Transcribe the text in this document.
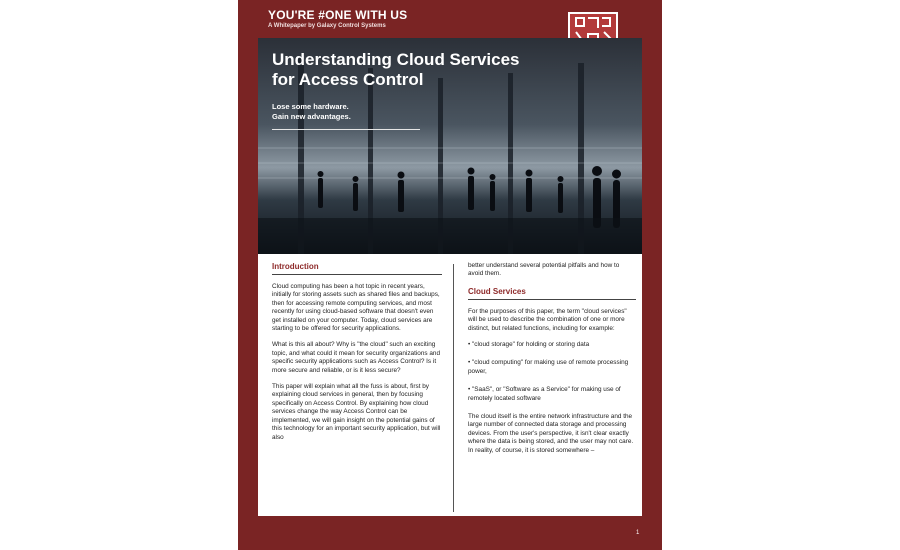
YOU'RE #ONE WITH US
A Whitepaper by Galaxy Control Systems
Understanding Cloud Services
for Access Control
Lose some hardware.
Gain new advantages.
Introduction

Cloud computing has been a hot topic in recent years, initially for storing assets such as shared files and backups, then for accessing remote computing services, and most recently for using cloud-based software that doesn't even get installed on your computer. Today, cloud services are starting to be offered for security applications.

What is this all about? Why is "the cloud" such an exciting topic, and what could it mean for security organizations and specific security applications such as Access Control? Is it more secure and reliable, or is it less secure?

This paper will explain what all the fuss is about, first by explaining cloud services in general, then by focusing specifically on Access Control. By explaining how cloud services change the way Access Control can be implemented, we will gain insight on the potential gains of this technology for an important security application, but will also

better understand several potential pitfalls and how to avoid them.

Cloud Services

For the purposes of this paper, the term "cloud services" will be used to describe the combination of one or more distinct, but related functions, including for example:

• "cloud storage" for holding or storing data
• "cloud computing" for making use of remote processing power,
• "SaaS", or "Software as a Service" for making use of remotely located software

The cloud itself is the entire network infrastructure and the large number of connected data storage and processing devices. From the user's perspective, it isn't clear exactly where the data is being stored, and the user may not care. In reality, of course, it is stored somewhere –

1
